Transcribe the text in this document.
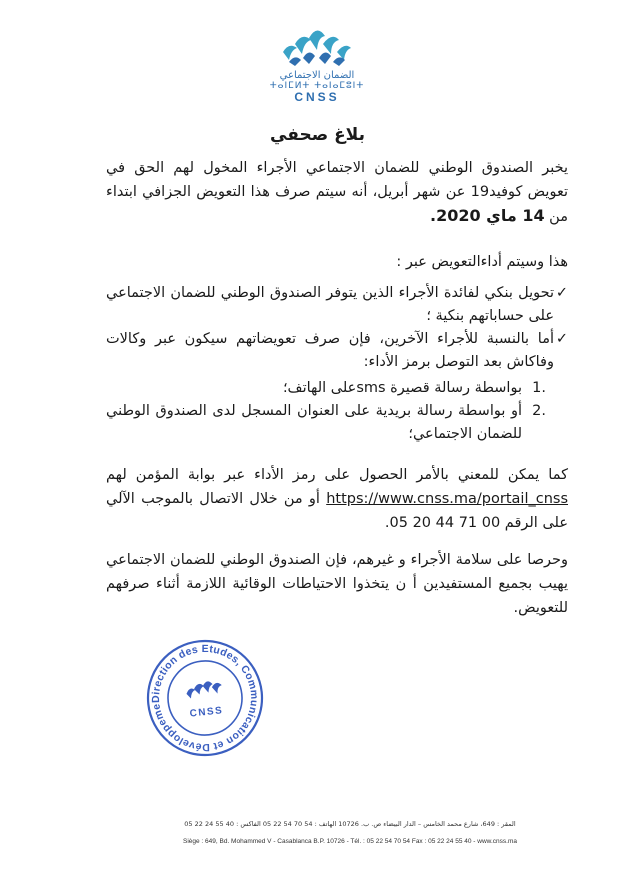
الضمان الاجتماعي
ⵜⴰⵏⵎⵍⵜ ⵜⴰⵏⴰⵎⵓⵏⵜ
CNSS
بلاغ صحفي
يخبر الصندوق الوطني للضمان الاجتماعي الأجراء المخول لهم الحق في تعويض كوفيد19 عن شهر أبريل، أنه سيتم صرف هذا التعويض الجزافي ابتداء من 14 ماي 2020.
هذا وسيتم أداءالتعويض عبر :
✓
تحويل بنكي لفائدة الأجراء الذين يتوفر الصندوق الوطني للضمان الاجتماعي على حساباتهم بنكية ؛
✓
أما بالنسبة للأجراء الآخرين، فإن صرف تعويضاتهم سيكون عبر وكالات وفاكاش بعد التوصل برمز الأداء:
1.
بواسطة رسالة قصيرة smsعلى الهاتف؛
2.
أو بواسطة رسالة بريدية على العنوان المسجل لدى الصندوق الوطني للضمان الاجتماعي؛
كما يمكن للمعني بالأمر الحصول على رمز الأداء عبر بوابة المؤمن لهم https://www.cnss.ma/portail_cnss أو من خلال الاتصال بالموجب الآلي على الرقم 00 71 44 20 05.
وحرصا على سلامة الأجراء و غيرهم، فإن الصندوق الوطني للضمان الاجتماعي يهيب بجميع المستفيدين أ ن يتخذوا الاحتياطات الوقائية اللازمة أثناء صرفهم للتعويض.
Direction des Etudes, Communication et Développement
CNSS
المقر : 649، شارع محمد الخامس – الدار البيضاء ص. ب. 10726 الهاتف : 54 70 54 22 05 الفاكس : 40 55 24 22 05
Siège : 649, Bd. Mohammed V - Casablanca B.P. 10726 - Tél. : 05 22 54 70 54 Fax : 05 22 24 55 40 - www.cnss.ma
